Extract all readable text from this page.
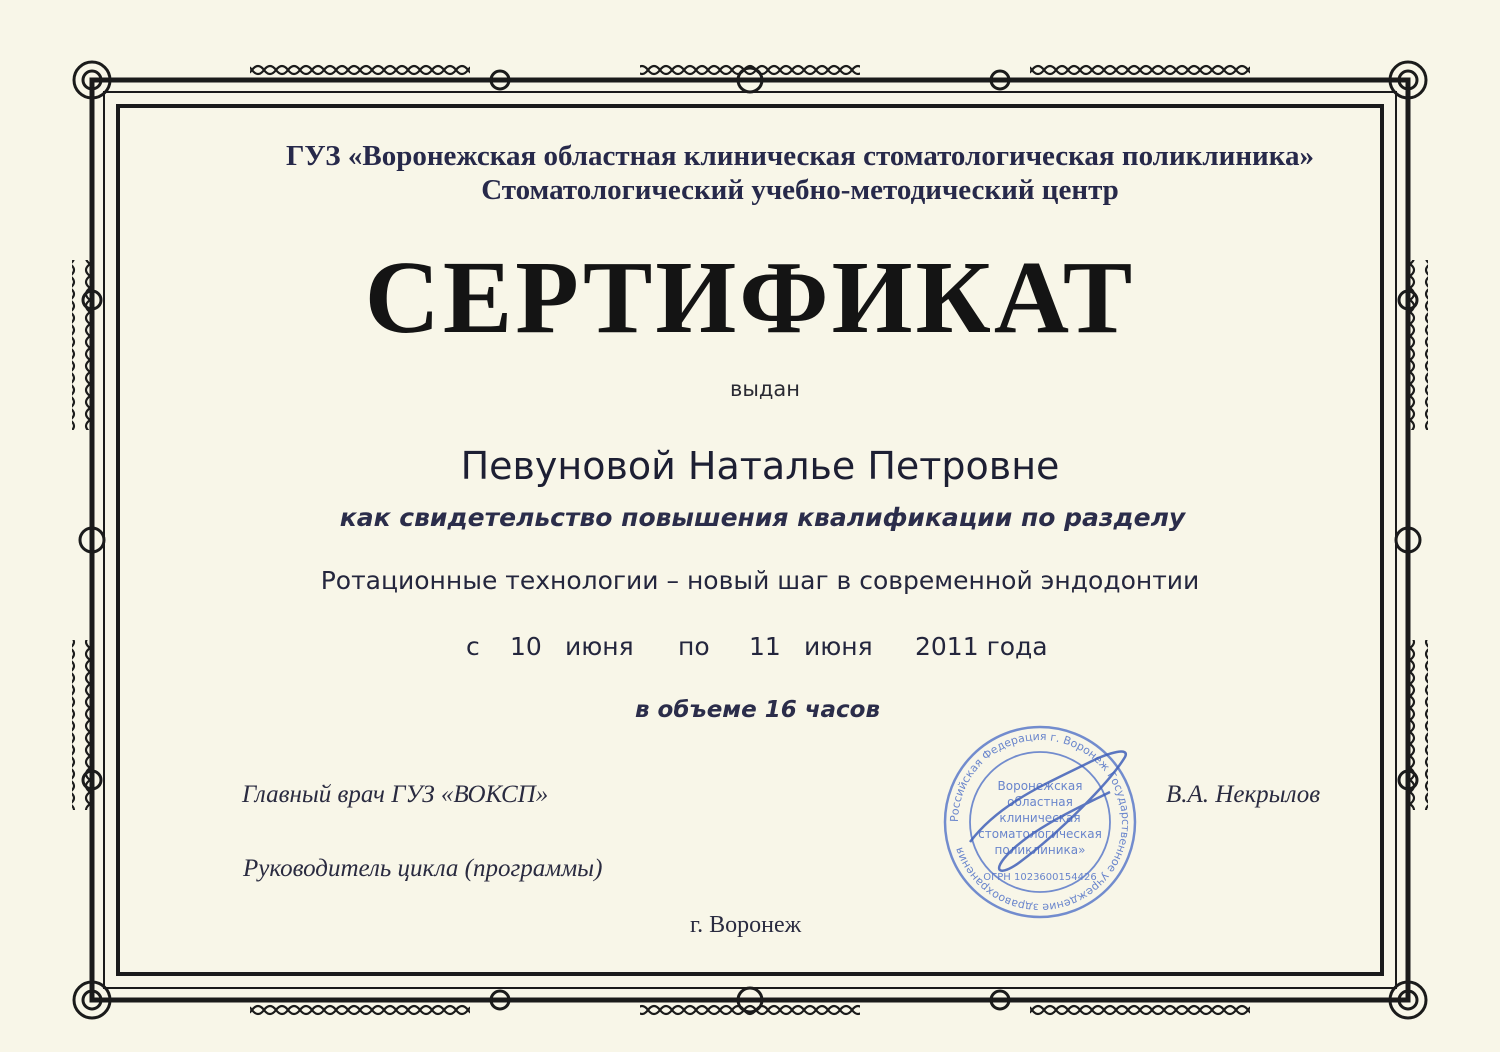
ГУЗ «Воронежская областная клиническая стоматологическая поликлиника»
Стоматологический учебно-методический центр
СЕРТИФИКАТ
выдан
Певуновой Наталье Петровне
как свидетельство повышения квалификации по разделу
Ротационные технологии – новый шаг в современной эндодонтии
с 10 июня по 11 июня 2011 года
в объеме 16 часов
Главный врач ГУЗ «ВОКСП»	В.А. Некрылов
Руководитель цикла (программы)
г. Воронеж
Российская Федерация г. Воронеж Государственное учреждение здравоохранения
Воронежская
областная
клиническая
стоматологическая
поликлиника»
ОГРН 1023600154426
